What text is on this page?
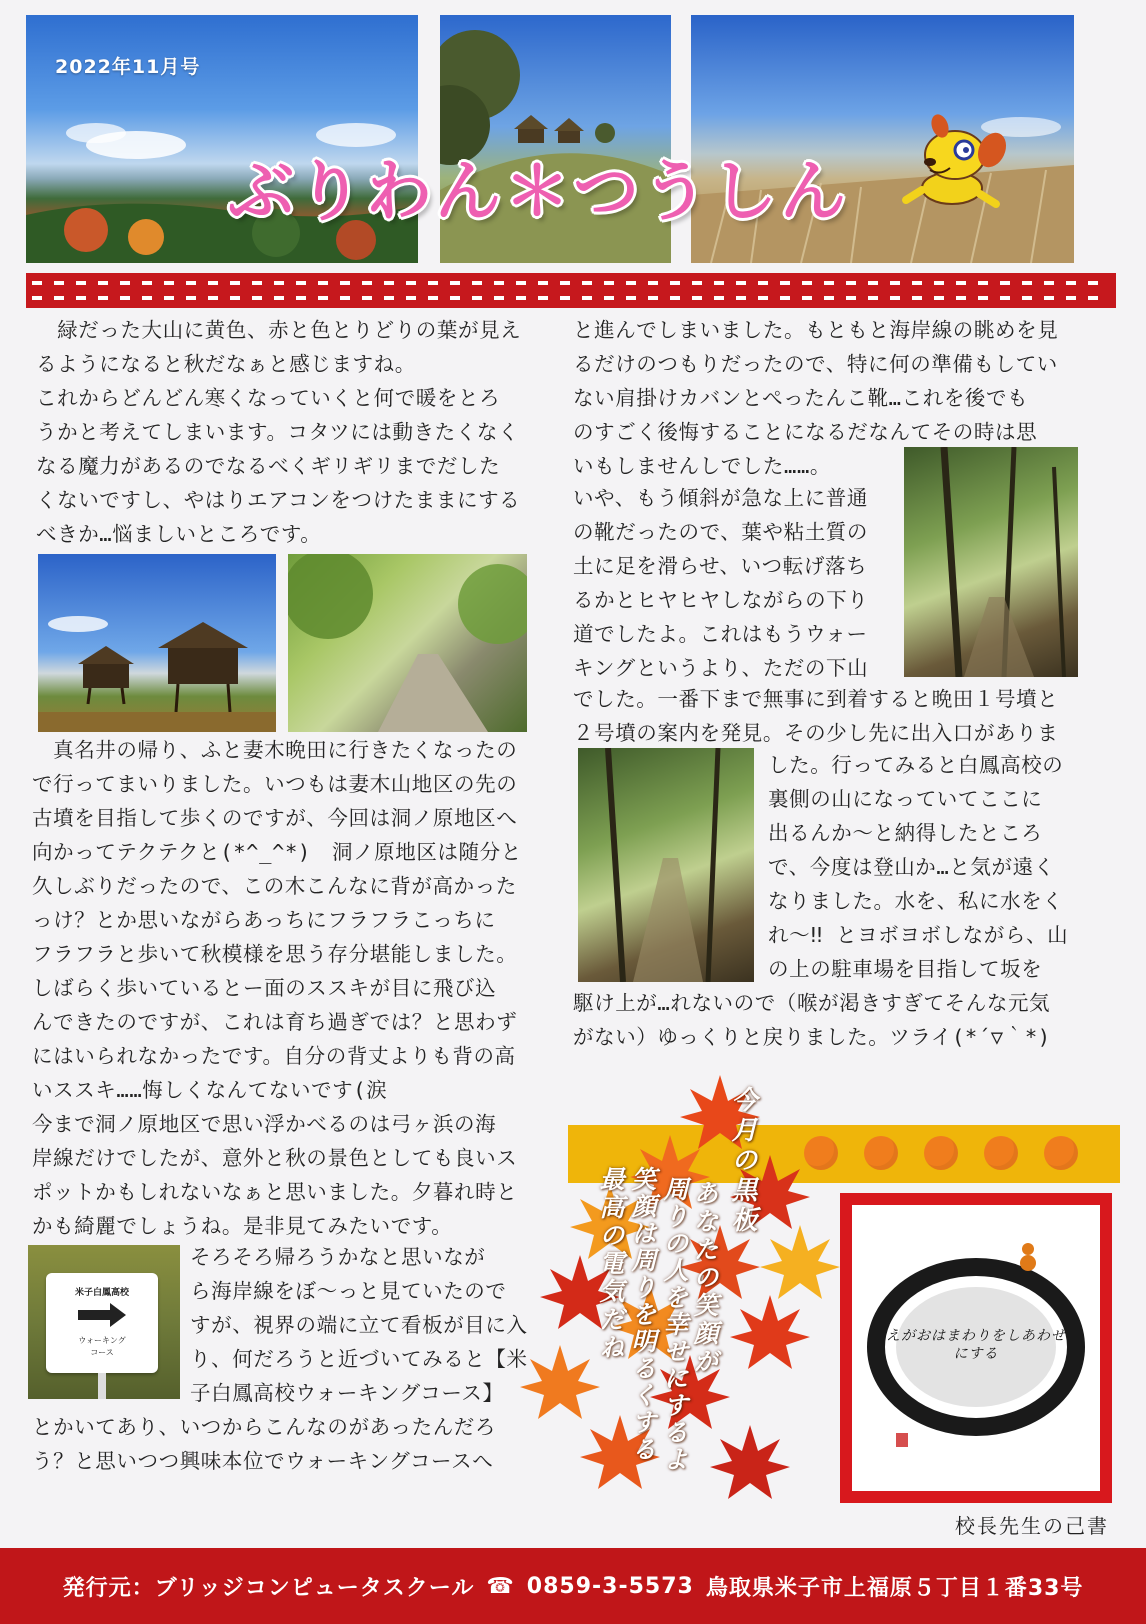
2022年11月号
ぶりわん＊つうしん
　緑だった大山に黄色、赤と色とりどりの葉が見え
るようになると秋だなぁと感じますね。
これからどんどん寒くなっていくと何で暖をとろ
うかと考えてしまいます。コタツには動きたくなく
なる魔力があるのでなるべくギリギリまでだした
くないですし、やはりエアコンをつけたままにする
べきか…悩ましいところです。
　真名井の帰り、ふと妻木晩田に行きたくなったの
で行ってまいりました。いつもは妻木山地区の先の
古墳を目指して歩くのですが、今回は洞ノ原地区へ
向かってテクテクと(*^_^*)　洞ノ原地区は随分と
久しぶりだったので、この木こんなに背が高かった
っけ？とか思いながらあっちにフラフラこっちに
フラフラと歩いて秋模様を思う存分堪能しました。
しばらく歩いているとー面のススキが目に飛び込
んできたのですが、これは育ち過ぎでは？と思わず
にはいられなかったです。自分の背丈よりも背の高
いススキ……悔しくなんてないです(涙
今まで洞ノ原地区で思い浮かべるのは弓ヶ浜の海
岸線だけでしたが、意外と秋の景色としても良いス
ポットかもしれないなぁと思いました。夕暮れ時と
かも綺麗でしょうね。是非見てみたいです。
米子白鳳高校
ウォーキング
コース
そろそろ帰ろうかなと思いなが
ら海岸線をぼ〜っと見ていたので
すが、視界の端に立て看板が目に入
り、何だろうと近づいてみると【米
子白鳳高校ウォーキングコース】
とかいてあり、いつからこんなのがあったんだろ
う？と思いつつ興味本位でウォーキングコースへ
と進んでしまいました。もともと海岸線の眺めを見
るだけのつもりだったので、特に何の準備もしてい
ない肩掛けカバンとぺったんこ靴…これを後でも
のすごく後悔することになるだなんてその時は思
いもしませんしでした……。
いや、もう傾斜が急な上に普通
の靴だったので、葉や粘土質の
土に足を滑らせ、いつ転げ落ち
るかとヒヤヒヤしながらの下り
道でしたよ。これはもうウォー
キングというより、ただの下山
でした。一番下まで無事に到着すると晩田１号墳と
２号墳の案内を発見。その少し先に出入口がありま
した。行ってみると白鳳高校の
裏側の山になっていてここに
出るんか〜と納得したところ
で、今度は登山か…と気が遠く
なりました。水を、私に水をく
れ〜‼ とヨボヨボしながら、山
の上の駐車場を目指して坂を
駆け上が…れないので（喉が渇きすぎてそんな元気
がない）ゆっくりと戻りました。ツライ(*´▽｀*)
今月の黒板
あなたの笑顔が
周りの人を幸せにするよ
笑顔は周りを明るくする
最高の電気だね	えがおはまわりをしあわせにする
校長先生の己書
発行元：ブリッジコンピュータスクール ☎ 0859-3-5573 鳥取県米子市上福原５丁目１番33号
